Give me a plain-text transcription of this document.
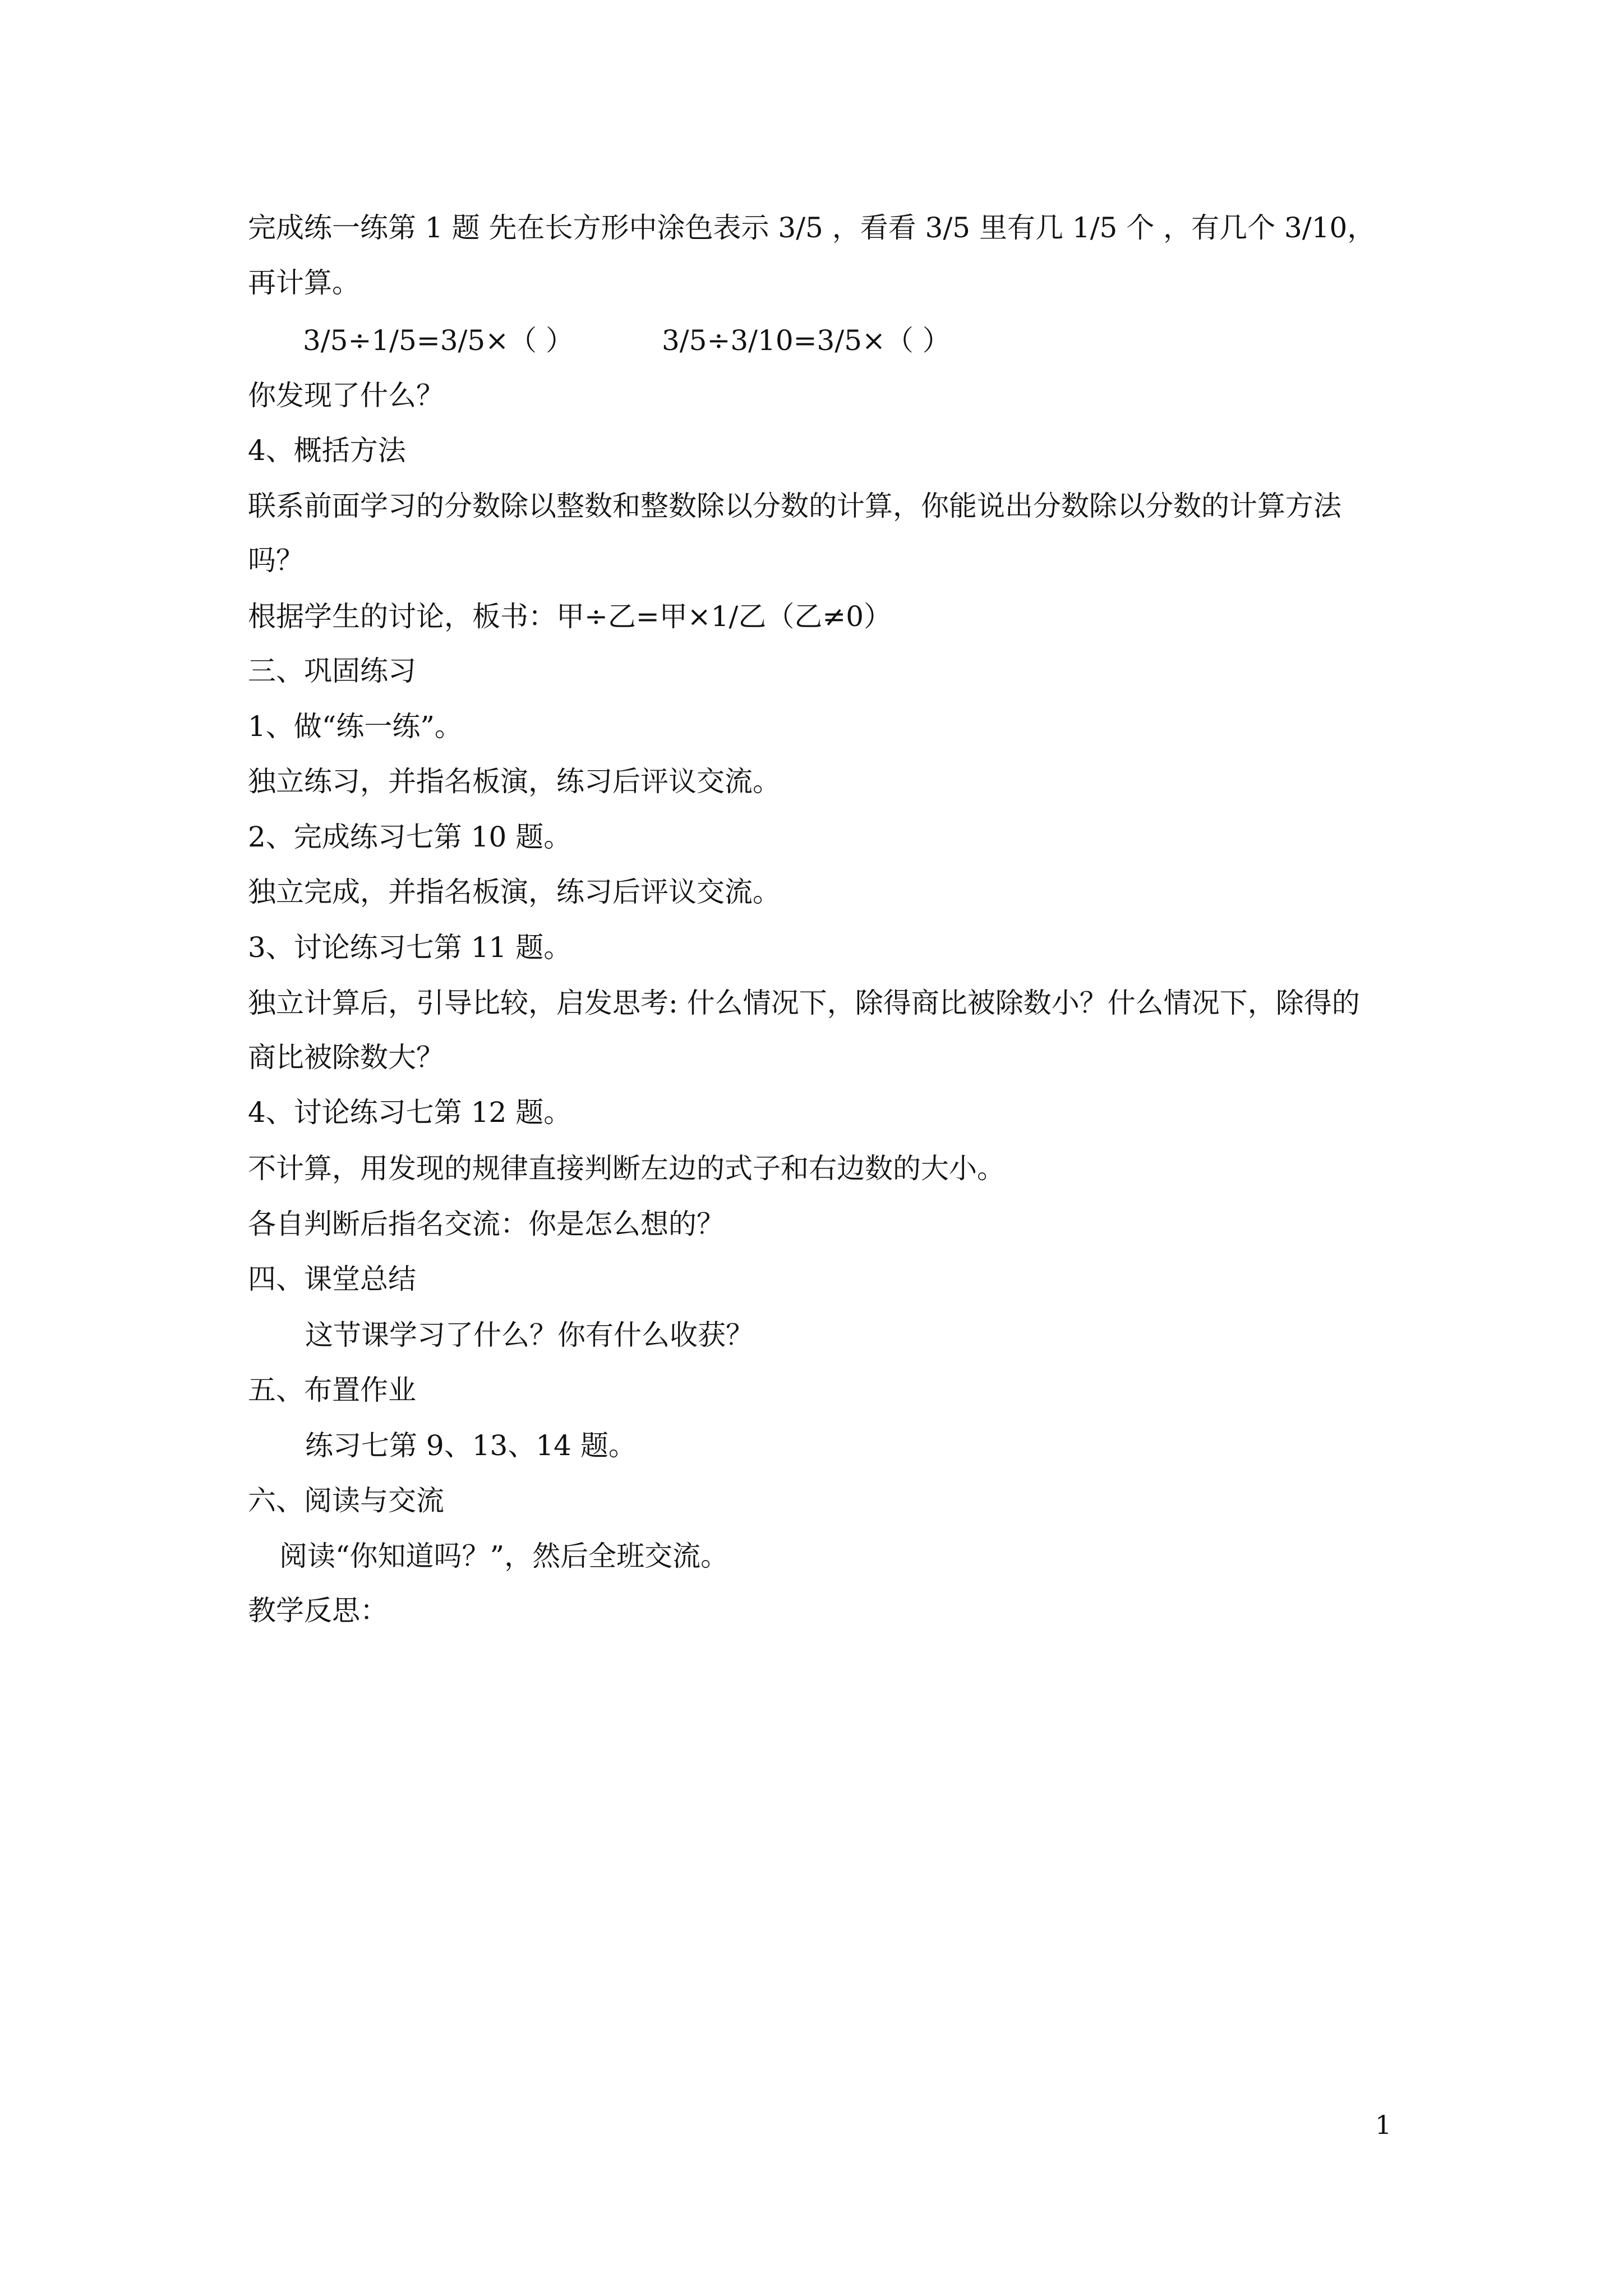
完成练一练第 1 题 先在长方形中涂色表示 3/5 ，看看 3/5 里有几 1/5 个 ，有几个 3/10，
再计算。
3/5÷1/5=3/5×（ ）	3/5÷3/10=3/5×（ ）
你发现了什么？
4、概括方法
联系前面学习的分数除以整数和整数除以分数的计算，你能说出分数除以分数的计算方法
吗？
根据学生的讨论，板书：甲÷乙=甲×1/乙（乙≠0）
三、巩固练习
1、做“练一练”。
独立练习，并指名板演，练习后评议交流。
2、完成练习七第 10 题。
独立完成，并指名板演，练习后评议交流。
3、讨论练习七第 11 题。
独立计算后，引导比较，启发思考: 什么情况下，除得商比被除数小？什么情况下，除得的
商比被除数大？
4、讨论练习七第 12 题。
不计算，用发现的规律直接判断左边的式子和右边数的大小。
各自判断后指名交流：你是怎么想的？
四、课堂总结
这节课学习了什么？你有什么收获？
五、布置作业
练习七第 9、13、14 题。
六、阅读与交流
阅读“你知道吗？”，然后全班交流。
教学反思：
1
